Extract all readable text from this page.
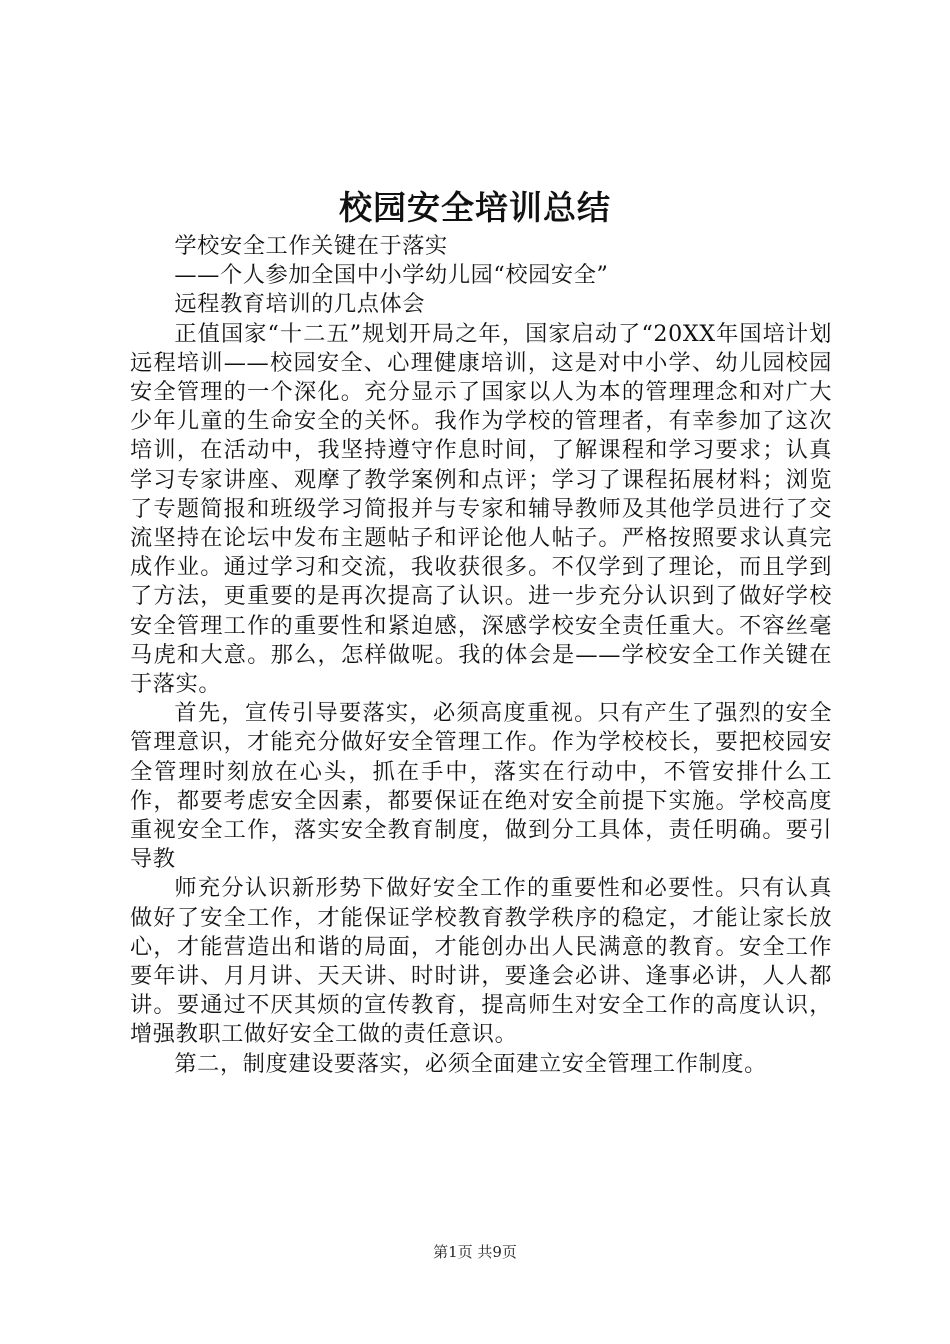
校园安全培训总结

学校安全工作关键在于落实

——个人参加全国中小学幼儿园“校园安全”

远程教育培训的几点体会

正值国家“十二五”规划开局之年，国家启动了“20XX年国培计划远程培训——校园安全、心理健康培训，这是对中小学、幼儿园校园安全管理的一个深化。充分显示了国家以人为本的管理理念和对广大少年儿童的生命安全的关怀。我作为学校的管理者，有幸参加了这次培训，在活动中，我坚持遵守作息时间，了解课程和学习要求；认真学习专家讲座、观摩了教学案例和点评；学习了课程拓展材料；浏览了专题简报和班级学习简报并与专家和辅导教师及其他学员进行了交流坚持在论坛中发布主题帖子和评论他人帖子。严格按照要求认真完成作业。通过学习和交流，我收获很多。不仅学到了理论，而且学到了方法，更重要的是再次提高了认识。进一步充分认识到了做好学校安全管理工作的重要性和紧迫感，深感学校安全责任重大。不容丝毫马虎和大意。那么，怎样做呢。我的体会是——学校安全工作关键在于落实。

首先，宣传引导要落实，必须高度重视。只有产生了强烈的安全管理意识，才能充分做好安全管理工作。作为学校校长，要把校园安全管理时刻放在心头，抓在手中，落实在行动中，不管安排什么工作，都要考虑安全因素，都要保证在绝对安全前提下实施。学校高度重视安全工作，落实安全教育制度，做到分工具体，责任明确。要引导教

师充分认识新形势下做好安全工作的重要性和必要性。只有认真做好了安全工作，才能保证学校教育教学秩序的稳定，才能让家长放心，才能营造出和谐的局面，才能创办出人民满意的教育。安全工作要年讲、月月讲、天天讲、时时讲，要逢会必讲、逢事必讲，人人都讲。要通过不厌其烦的宣传教育，提高师生对安全工作的高度认识，增强教职工做好安全工做的责任意识。

第二，制度建设要落实，必须全面建立安全管理工作制度。

第1页 共9页
